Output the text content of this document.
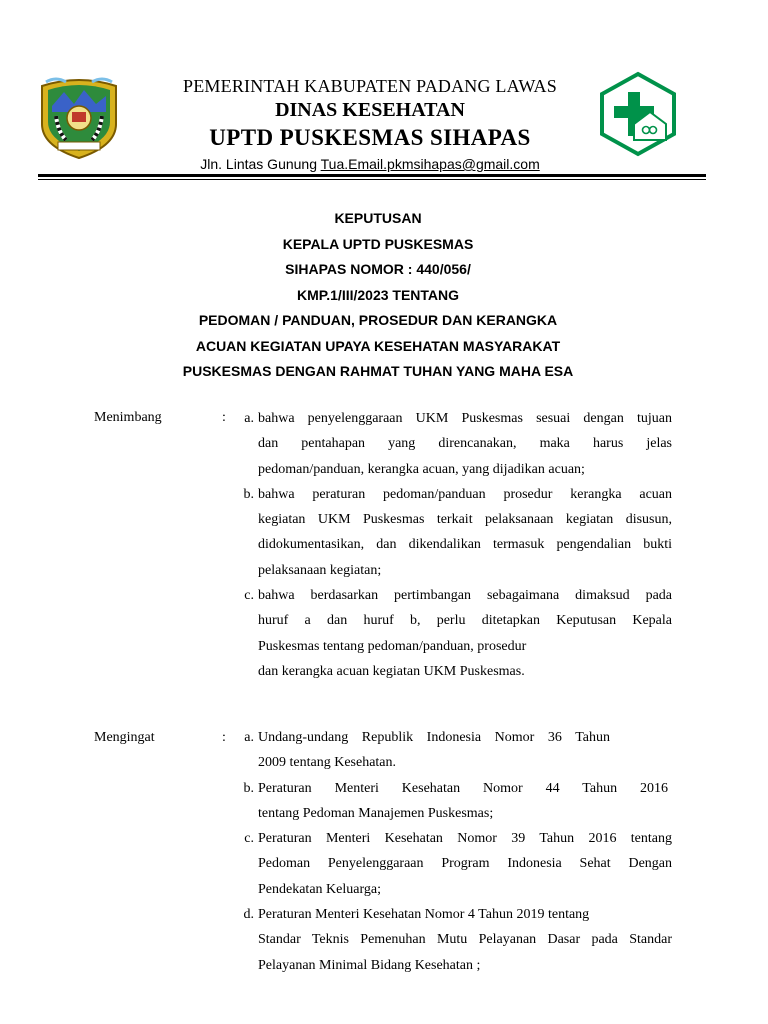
PEMERINTAH KABUPATEN PADANG LAWAS
DINAS KESEHATAN
UPTD PUSKESMAS SIHAPAS
Jln. Lintas Gunung Tua.Email.pkmsihapas@gmail.com
KEPUTUSAN
KEPALA UPTD PUSKESMAS
SIHAPAS NOMOR : 440/056/
KMP.1/III/2023 TENTANG
PEDOMAN / PANDUAN, PROSEDUR DAN KERANGKA
ACUAN KEGIATAN UPAYA KESEHATAN MASYARAKAT
PUSKESMAS DENGAN RAHMAT TUHAN YANG MAHA ESA
Menimbang	:	a. bahwa penyelenggaraan UKM Puskesmas sesuai dengan tujuan
dan pentahapan yang direncanakan, maka harus jelas
pedoman/panduan, kerangka acuan, yang dijadikan acuan;
b. bahwa peraturan pedoman/panduan prosedur kerangka acuan
kegiatan UKM Puskesmas terkait pelaksanaan kegiatan disusun,
didokumentasikan, dan dikendalikan termasuk pengendalian bukti
pelaksanaan kegiatan;
c. bahwa berdasarkan pertimbangan sebagaimana dimaksud pada
huruf a dan huruf b, perlu ditetapkan Keputusan Kepala
Puskesmas tentang pedoman/panduan, prosedur
dan kerangka acuan kegiatan UKM Puskesmas.
Mengingat	:	a. Undang-undang Republik Indonesia Nomor 36 Tahun
2009 tentang Kesehatan.
b. Peraturan Menteri Kesehatan Nomor 44 Tahun 2016
tentang Pedoman Manajemen Puskesmas;
c. Peraturan Menteri Kesehatan Nomor 39 Tahun 2016 tentang
Pedoman Penyelenggaraan Program Indonesia Sehat Dengan
Pendekatan Keluarga;
d. Peraturan Menteri Kesehatan Nomor 4 Tahun 2019 tentang
Standar Teknis Pemenuhan Mutu Pelayanan Dasar pada Standar
Pelayanan Minimal Bidang Kesehatan ;
